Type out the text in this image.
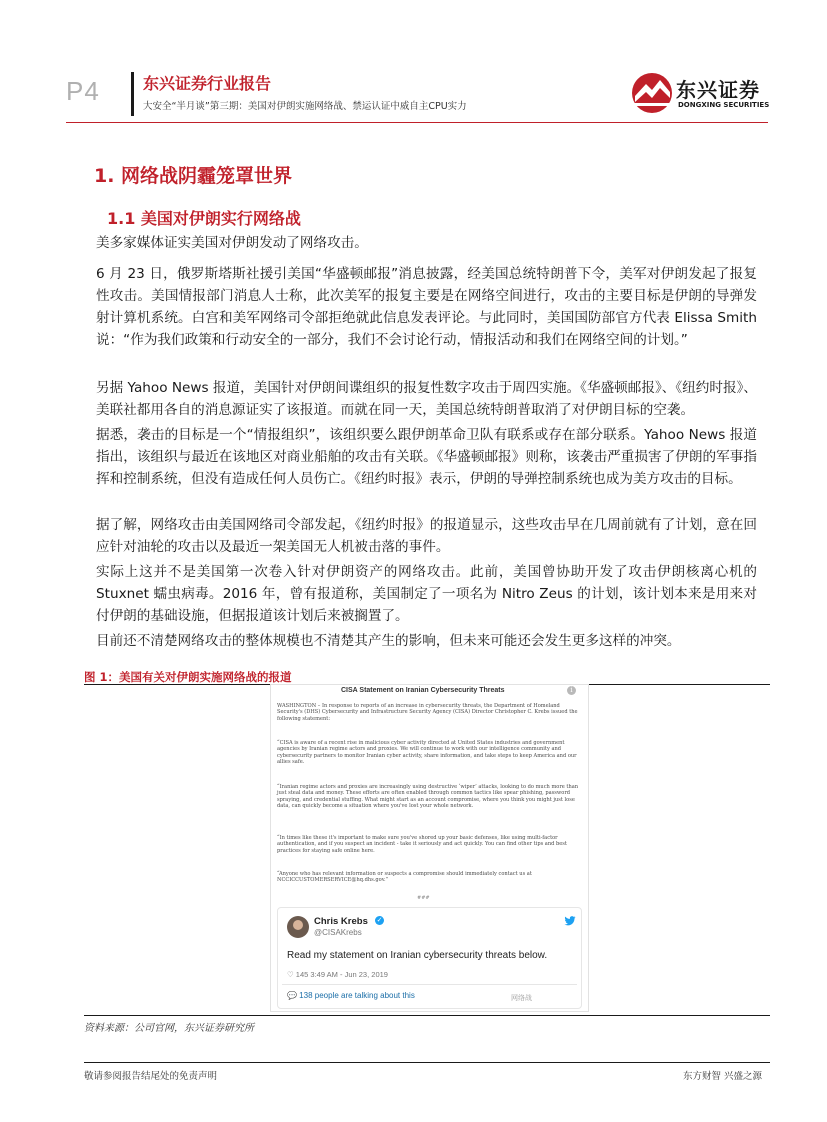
P4	东兴证券行业报告
大安全“半月谈”第三期：美国对伊朗实施网络战、禁运认证中威自主CPU实力
东兴证券
DONGXING SECURITIES
1. 网络战阴霾笼罩世界
1.1 美国对伊朗实行网络战

美多家媒体证实美国对伊朗发动了网络攻击。

6 月 23 日，俄罗斯塔斯社援引美国“华盛顿邮报”消息披露，经美国总统特朗普下令，美军对伊朗发起了报复性攻击。美国情报部门消息人士称，此次美军的报复主要是在网络空间进行，攻击的主要目标是伊朗的导弹发射计算机系统。白宫和美军网络司令部拒绝就此信息发表评论。与此同时，美国国防部官方代表 Elissa Smith 说：“作为我们政策和行动安全的一部分，我们不会讨论行动，情报活动和我们在网络空间的计划。”

另据 Yahoo News 报道，美国针对伊朗间谍组织的报复性数字攻击于周四实施。《华盛顿邮报》、《纽约时报》、美联社都用各自的消息源证实了该报道。而就在同一天，美国总统特朗普取消了对伊朗目标的空袭。

据悉，袭击的目标是一个“情报组织”，该组织要么跟伊朗革命卫队有联系或存在部分联系。Yahoo News 报道指出，该组织与最近在该地区对商业船舶的攻击有关联。《华盛顿邮报》则称，该袭击严重损害了伊朗的军事指挥和控制系统，但没有造成任何人员伤亡。《纽约时报》表示，伊朗的导弹控制系统也成为美方攻击的目标。

据了解，网络攻击由美国网络司令部发起，《纽约时报》的报道显示，这些攻击早在几周前就有了计划，意在回应针对油轮的攻击以及最近一架美国无人机被击落的事件。

实际上这并不是美国第一次卷入针对伊朗资产的网络攻击。此前，美国曾协助开发了攻击伊朗核离心机的 Stuxnet 蠕虫病毒。2016 年，曾有报道称，美国制定了一项名为 Nitro Zeus 的计划，该计划本来是用来对付伊朗的基础设施，但据报道该计划后来被搁置了。

目前还不清楚网络攻击的整体规模也不清楚其产生的影响，但未来可能还会发生更多这样的冲突。

图 1：美国有关对伊朗实施网络战的报道
CISA Statement on Iranian Cybersecurity Threats	i

WASHINGTON – In response to reports of an increase in cybersecurity threats, the Department of Homeland Security's (DHS) Cybersecurity and Infrastructure Security Agency (CISA) Director Christopher C. Krebs issued the following statement:

“CISA is aware of a recent rise in malicious cyber activity directed at United States industries and government agencies by Iranian regime actors and proxies. We will continue to work with our intelligence community and cybersecurity partners to monitor Iranian cyber activity, share information, and take steps to keep America and our allies safe.

“Iranian regime actors and proxies are increasingly using destructive ‘wiper’ attacks, looking to do much more than just steal data and money. These efforts are often enabled through common tactics like spear phishing, password spraying, and credential stuffing. What might start as an account compromise, where you think you might just lose data, can quickly become a situation where you've lost your whole network.

“In times like these it's important to make sure you've shored up your basic defenses, like using multi-factor authentication, and if you suspect an incident - take it seriously and act quickly. You can find other tips and best practices for staying safe online here.

“Anyone who has relevant information or suspects a compromise should immediately contact us at NCCICCUSTOMERSERVICE@hq.dhs.gov.”

###
Chris Krebs ✓
@CISAKrebs
Read my statement on Iranian cybersecurity threats below.
♡ 145 3:49 AM - Jun 23, 2019
💬 138 people are talking about this	网络战
资料来源：公司官网，东兴证券研究所
敬请参阅报告结尾处的免责声明	东方财智 兴盛之源
